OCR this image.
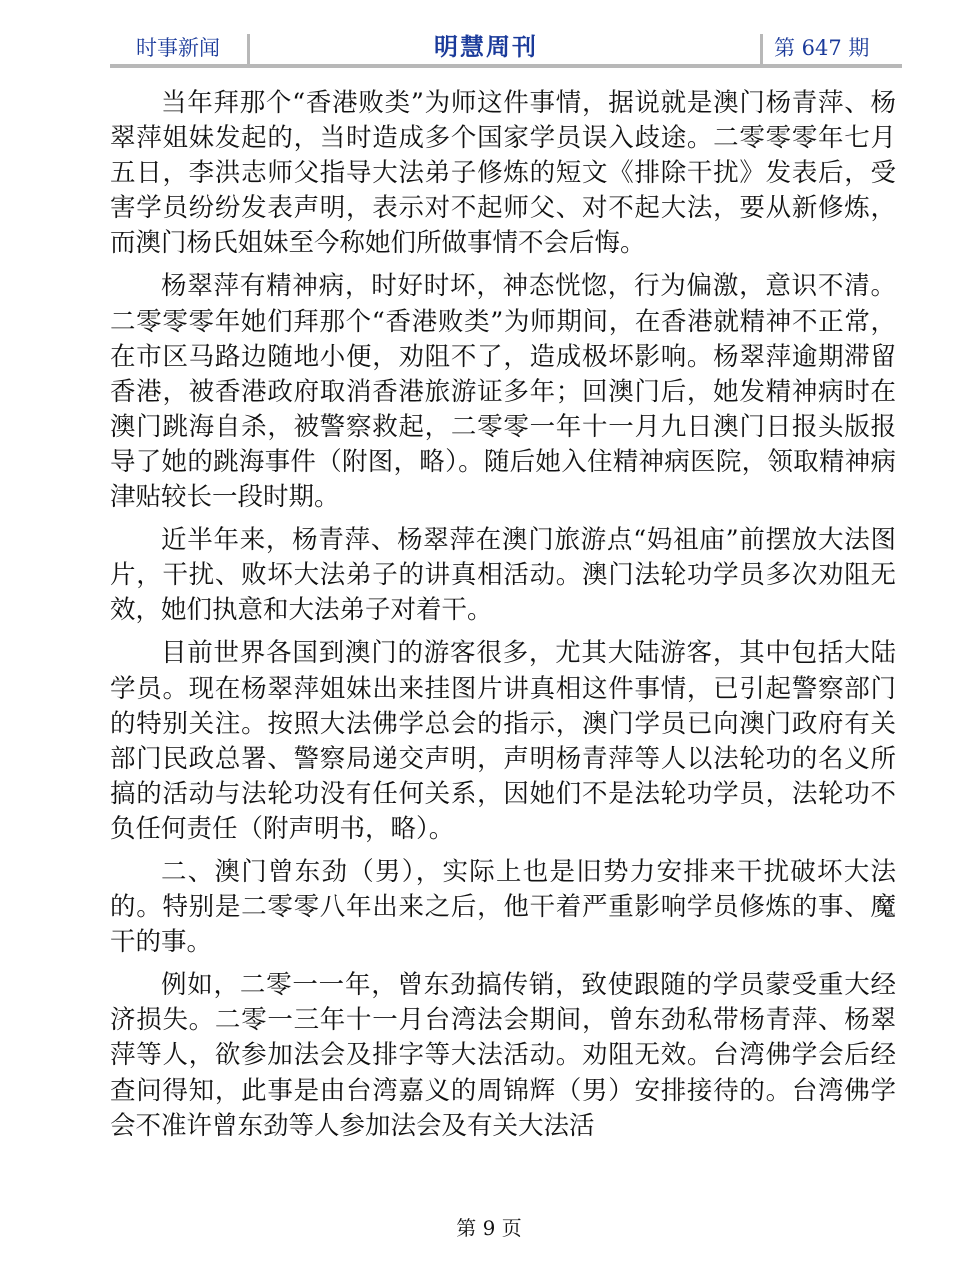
时事新闻	明慧周刊	第 647 期

当年拜那个“香港败类”为师这件事情，据说就是澳门杨青萍、杨翠萍姐妹发起的，当时造成多个国家学员误入歧途。二零零零年七月五日，李洪志师父指导大法弟子修炼的短文《排除干扰》发表后，受害学员纷纷发表声明，表示对不起师父、对不起大法，要从新修炼，而澳门杨氏姐妹至今称她们所做事情不会后悔。

杨翠萍有精神病，时好时坏，神态恍惚，行为偏激，意识不清。二零零零年她们拜那个“香港败类”为师期间，在香港就精神不正常，在市区马路边随地小便，劝阻不了，造成极坏影响。杨翠萍逾期滞留香港，被香港政府取消香港旅游证多年；回澳门后，她发精神病时在澳门跳海自杀，被警察救起，二零零一年十一月九日澳门日报头版报导了她的跳海事件（附图，略）。随后她入住精神病医院，领取精神病津贴较长一段时期。

近半年来，杨青萍、杨翠萍在澳门旅游点“妈祖庙”前摆放大法图片，干扰、败坏大法弟子的讲真相活动。澳门法轮功学员多次劝阻无效，她们执意和大法弟子对着干。

目前世界各国到澳门的游客很多，尤其大陆游客，其中包括大陆学员。现在杨翠萍姐妹出来挂图片讲真相这件事情，已引起警察部门的特别关注。按照大法佛学总会的指示，澳门学员已向澳门政府有关部门民政总署、警察局递交声明，声明杨青萍等人以法轮功的名义所搞的活动与法轮功没有任何关系，因她们不是法轮功学员，法轮功不负任何责任（附声明书，略）。

二、澳门曾东劲（男），实际上也是旧势力安排来干扰破坏大法的。特别是二零零八年出来之后，他干着严重影响学员修炼的事、魔干的事。

例如，二零一一年，曾东劲搞传销，致使跟随的学员蒙受重大经济损失。二零一三年十一月台湾法会期间，曾东劲私带杨青萍、杨翠萍等人，欲参加法会及排字等大法活动。劝阻无效。台湾佛学会后经查问得知，此事是由台湾嘉义的周锦辉（男）安排接待的。台湾佛学会不准许曾东劲等人参加法会及有关大法活

第 9 页
